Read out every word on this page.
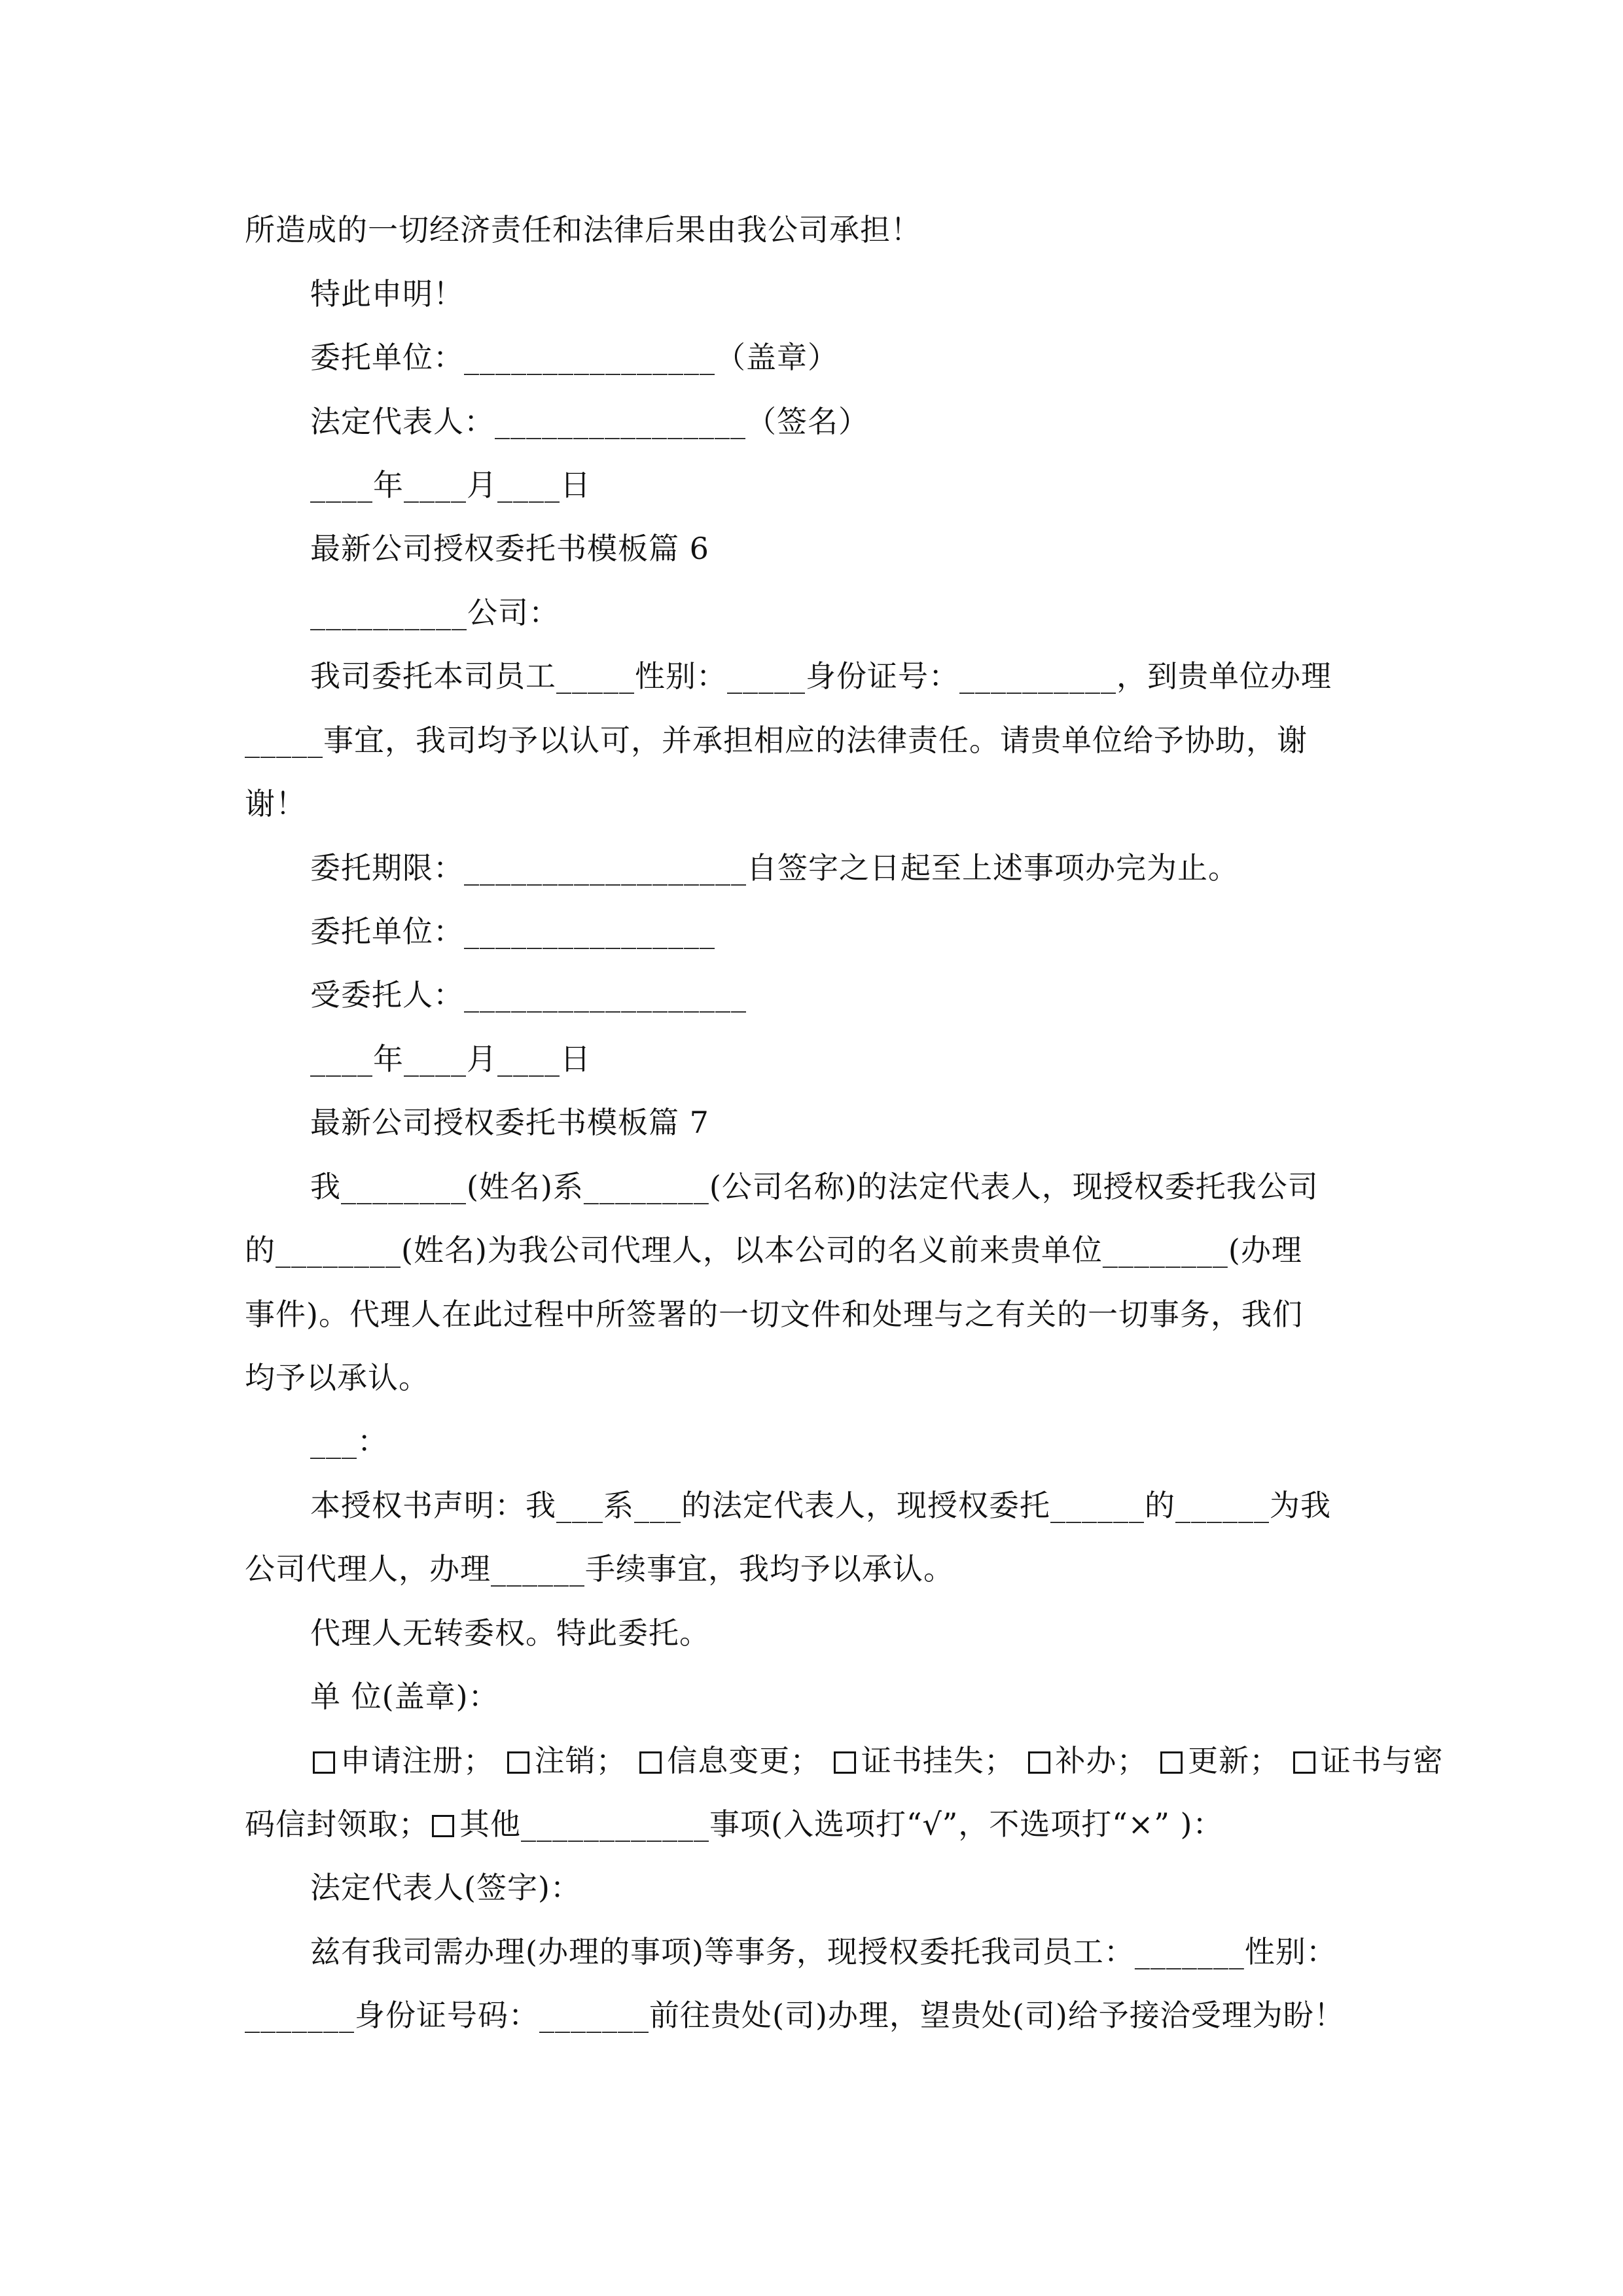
所造成的一切经济责任和法律后果由我公司承担！
特此申明！
委托单位：________________（盖章）
法定代表人：________________（签名）
____年____月____日
最新公司授权委托书模板篇 6
__________公司：
我司委托本司员工_____性别：_____身份证号：__________，到贵单位办理
_____事宜，我司均予以认可，并承担相应的法律责任。请贵单位给予协助，谢
谢！
委托期限：__________________自签字之日起至上述事项办完为止。
委托单位：________________
受委托人：__________________
____年____月____日
最新公司授权委托书模板篇 7
我________(姓名)系________(公司名称)的法定代表人，现授权委托我公司
的________(姓名)为我公司代理人，以本公司的名义前来贵单位________(办理
事件)。代理人在此过程中所签署的一切文件和处理与之有关的一切事务，我们
均予以承认。
___：
本授权书声明：我___系___的法定代表人，现授权委托______的______为我
公司代理人，办理______手续事宜，我均予以承认。
代理人无转委权。特此委托。
单 位(盖章)：
申请注册； 注销； 信息变更； 证书挂失； 补办； 更新； 证书与密
码信封领取； 其他____________事项(入选项打“√”，不选项打“×” )：
法定代表人(签字)：
兹有我司需办理(办理的事项)等事务，现授权委托我司员工：_______性别：
_______身份证号码：_______前往贵处(司)办理，望贵处(司)给予接洽受理为盼！
